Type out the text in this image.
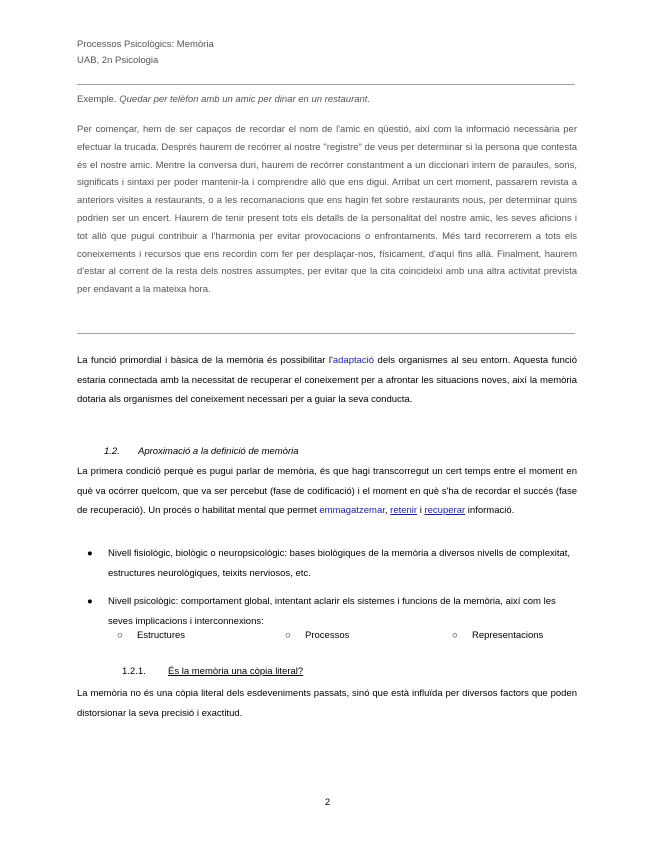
Processos Psicològics: Memòria
UAB, 2n Psicologia
Exemple. Quedar per telèfon amb un amic per dinar en un restaurant.
Per començar, hem de ser capaços de recordar el nom de l'amic en qüestió, així com la informació necessària per efectuar la trucada. Després haurem de recórrer al nostre "registre" de veus per determinar si la persona que contesta és el nostre amic. Mentre la conversa duri, haurem de recórrer constantment a un diccionari intern de paraules, sons, significats i sintaxi per poder mantenir-la i comprendre allò que ens digui. Arribat un cert moment, passarem revista a anteriors visites a restaurants, o a les recomanacions que ens hagin fet sobre restaurants nous, per determinar quins podrien ser un encert. Haurem de tenir present tots els detalls de la personalitat del nostre amic, les seves aficions i tot allò que pugui contribuir a l'harmonia per evitar provocacions o enfrontaments. Més tard recorrerem a tots els coneixements i recursos que ens recordin com fer per desplaçar-nos, físicament, d'aquí fins allà. Finalment, haurem d'estar al corrent de la resta dels nostres assumptes, per evitar que la cita coincideixi amb una altra activitat prevista per endavant a la mateixa hora.
La funció primordial i bàsica de la memòria és possibilitar l'adaptació dels organismes al seu entorn. Aquesta funció estaria connectada amb la necessitat de recuperar el coneixement per a afrontar les situacions noves, així la memòria dotaria als organismes del coneixement necessari per a guiar la seva conducta.
1.2. Aproximació a la definició de memòria
La primera condició perquè es pugui parlar de memòria, és que hagi transcorregut un cert temps entre el moment en què va ocórrer quelcom, que va ser percebut (fase de codificació) i el moment en què s'ha de recordar el succés (fase de recuperació). Un procés o habilitat mental que permet emmagatzemar, retenir i recuperar informació.
● Nivell fisiològic, biològic o neuropsicològic: bases biològiques de la memòria a diversos nivells de complexitat, estructures neurològiques, teixits nerviosos, etc.
● Nivell psicològic: comportament global, intentant aclarir els sistemes i funcions de la memòria, així com les seves implicacions i interconnexions:
○ Estructures	○ Processos	○ Representacions
1.2.1. És la memòria una còpia literal?
La memòria no és una còpia literal dels esdeveniments passats, sinó que està influïda per diversos factors que poden distorsionar la seva precisió i exactitud.
2
